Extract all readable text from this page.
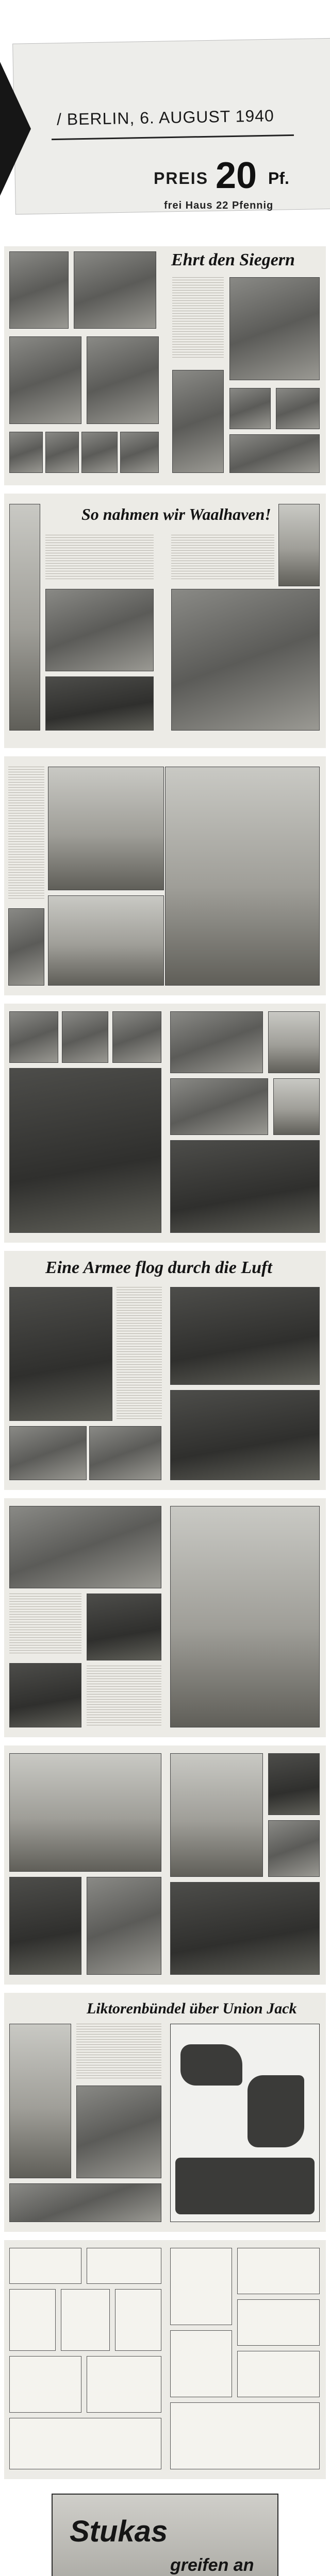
/ BERLIN, 6. AUGUST 1940
PREIS 20 Pf.
frei Haus 22 Pfennig
Ehrt den Siegern
So nahmen wir Waalhaven!
Eine Armee flog durch die Luft
Liktorenbündel über Union Jack
Stukas
greifen an
